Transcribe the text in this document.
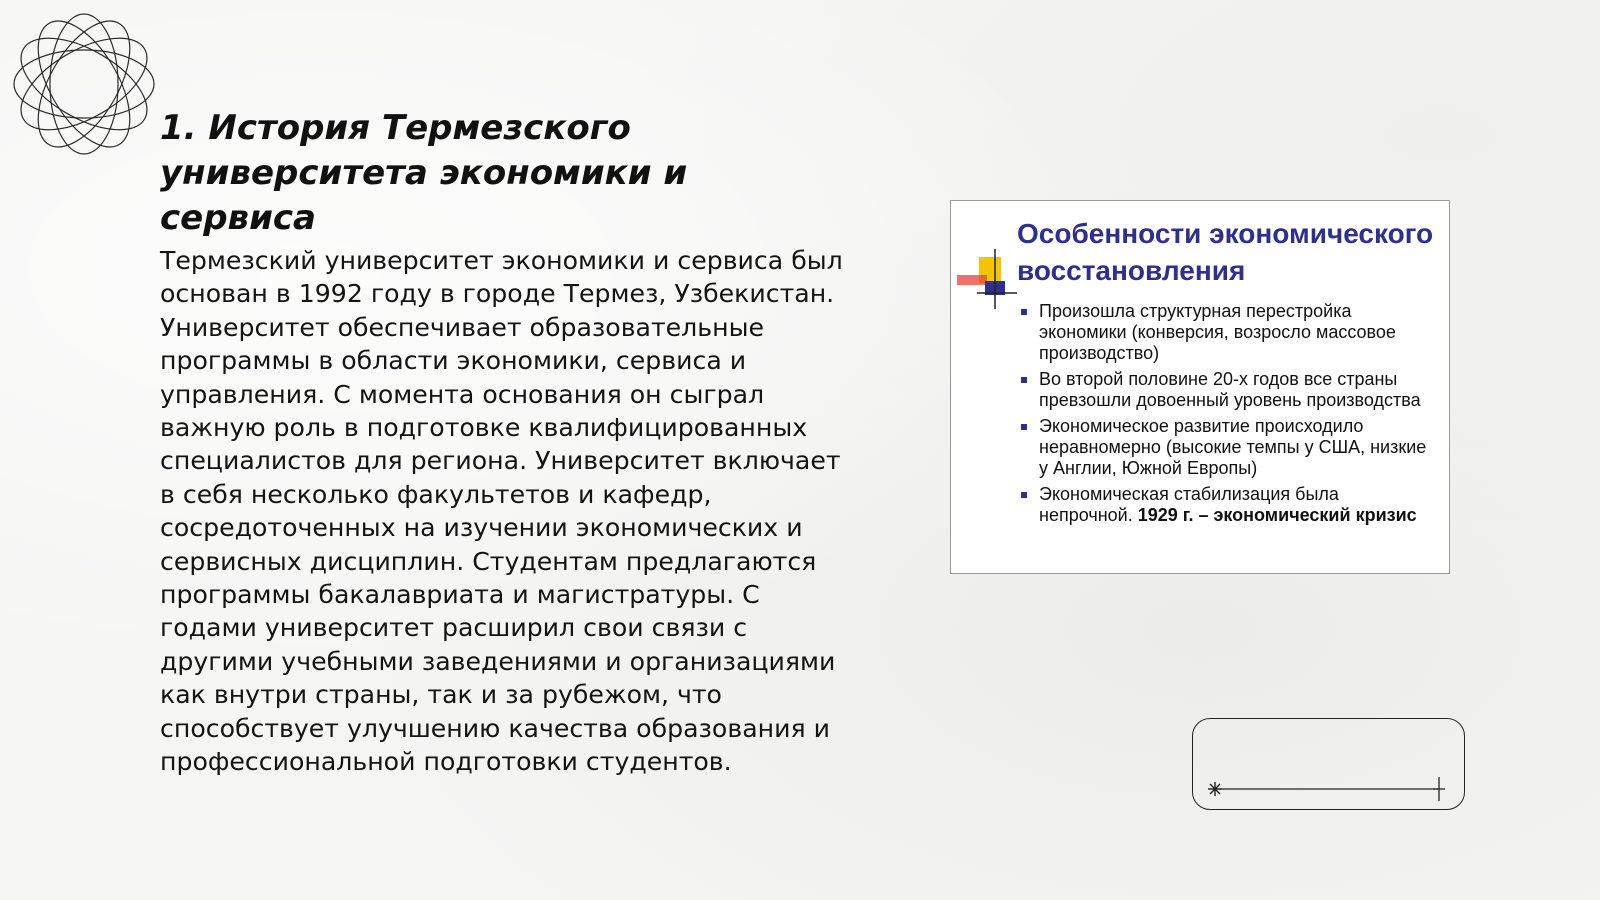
1. История Термезского университета экономики и сервиса

Термезский университет экономики и сервиса был основан в 1992 году в городе Термез, Узбекистан. Университет обеспечивает образовательные программы в области экономики, сервиса и управления. С момента основания он сыграл важную роль в подготовке квалифицированных специалистов для региона. Университет включает в себя несколько факультетов и кафедр, сосредоточенных на изучении экономических и сервисных дисциплин. Студентам предлагаются программы бакалавриата и магистратуры. С годами университет расширил свои связи с другими учебными заведениями и организациями как внутри страны, так и за рубежом, что способствует улучшению качества образования и профессиональной подготовки студентов.

Особенности экономического восстановления
Произошла структурная перестройка экономики (конверсия, возросло массовое производство)
Во второй половине 20-х годов все страны превзошли довоенный уровень производства
Экономическое развитие происходило неравномерно (высокие темпы у США, низкие у Англии, Южной Европы)
Экономическая стабилизация была непрочной. 1929 г. – экономический кризис
